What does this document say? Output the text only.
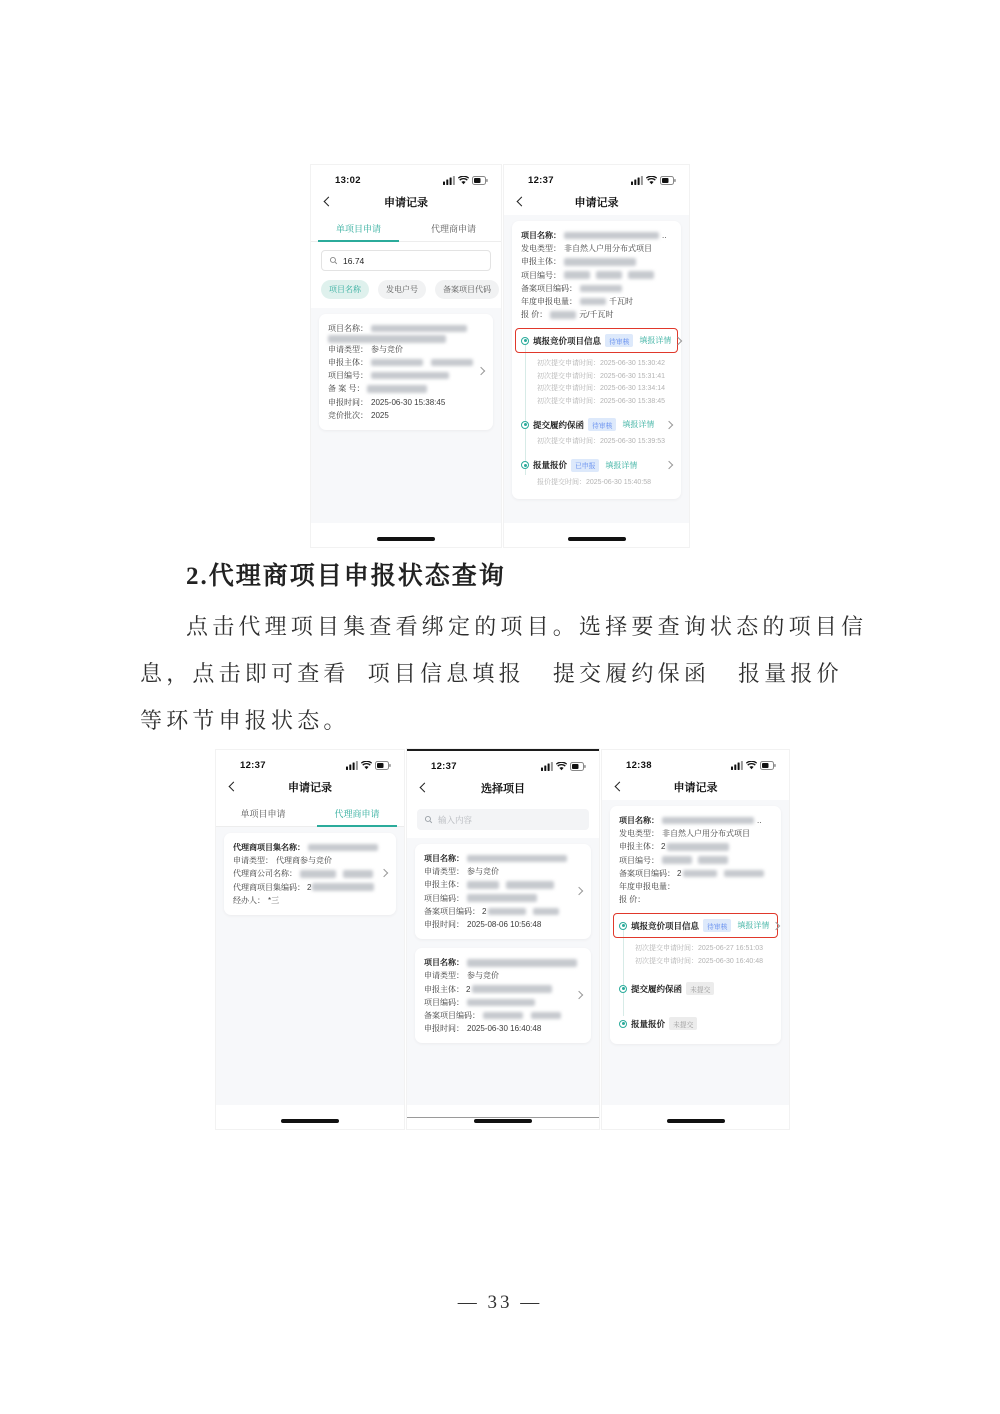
13:02
申请记录
单项目申请	代理商申请
16.74
项目名称	发电户号	备案项目代码
项目名称：
申请类型： 参与竞价
申报主体：
项目编号：
备 案 号：
申报时间： 2025-06-30 15:38:45
竞价批次： 2025
12:37
申请记录
项目名称：	..
发电类型： 非自然人户用分布式项目
申报主体：
项目编号：
备案项目编码：
年度申报电量：	千瓦时
报 价：	元/千瓦时
填报竞价项目信息	待审核	填报详情
初次提交申请时间：2025-06-30 15:30:42
初次提交申请时间：2025-06-30 15:31:41
初次提交申请时间：2025-06-30 13:34:14
初次提交申请时间：2025-06-30 15:38:45
提交履约保函	待审核	填报详情
初次提交申请时间：2025-06-30 15:39:53
报量报价	已申报	填报详情
报价提交时间：2025-06-30 15:40:58
2.代理商项目申报状态查询
点击代理项目集查看绑定的项目。选择要查询状态的项目信
息，点击即可查看 项目信息填报 提交履约保函 报量报价
等环节申报状态。
12:37
申请记录
单项目申请	代理商申请
代理商项目集名称：
申请类型： 代理商参与竞价
代理商公司名称：
代理商项目集编码： 2
经办人： *三
12:37
选择项目
输入内容
项目名称：
申请类型： 参与竞价
申报主体：
项目编码：
备案项目编码： 2
申报时间： 2025-08-06 10:56:48
项目名称：
申请类型： 参与竞价
申报主体： 2
项目编码：
备案项目编码：
申报时间： 2025-06-30 16:40:48
12:38
申请记录
项目名称：	..
发电类型： 非自然人户用分布式项目
申报主体： 2
项目编号：
备案项目编码： 2
年度申报电量：
报 价：
填报竞价项目信息	待审核	填报详情
初次提交申请时间：2025-06-27 16:51:03
初次提交申请时间：2025-06-30 16:40:48
提交履约保函	未提交
报量报价	未提交
— 33 —
